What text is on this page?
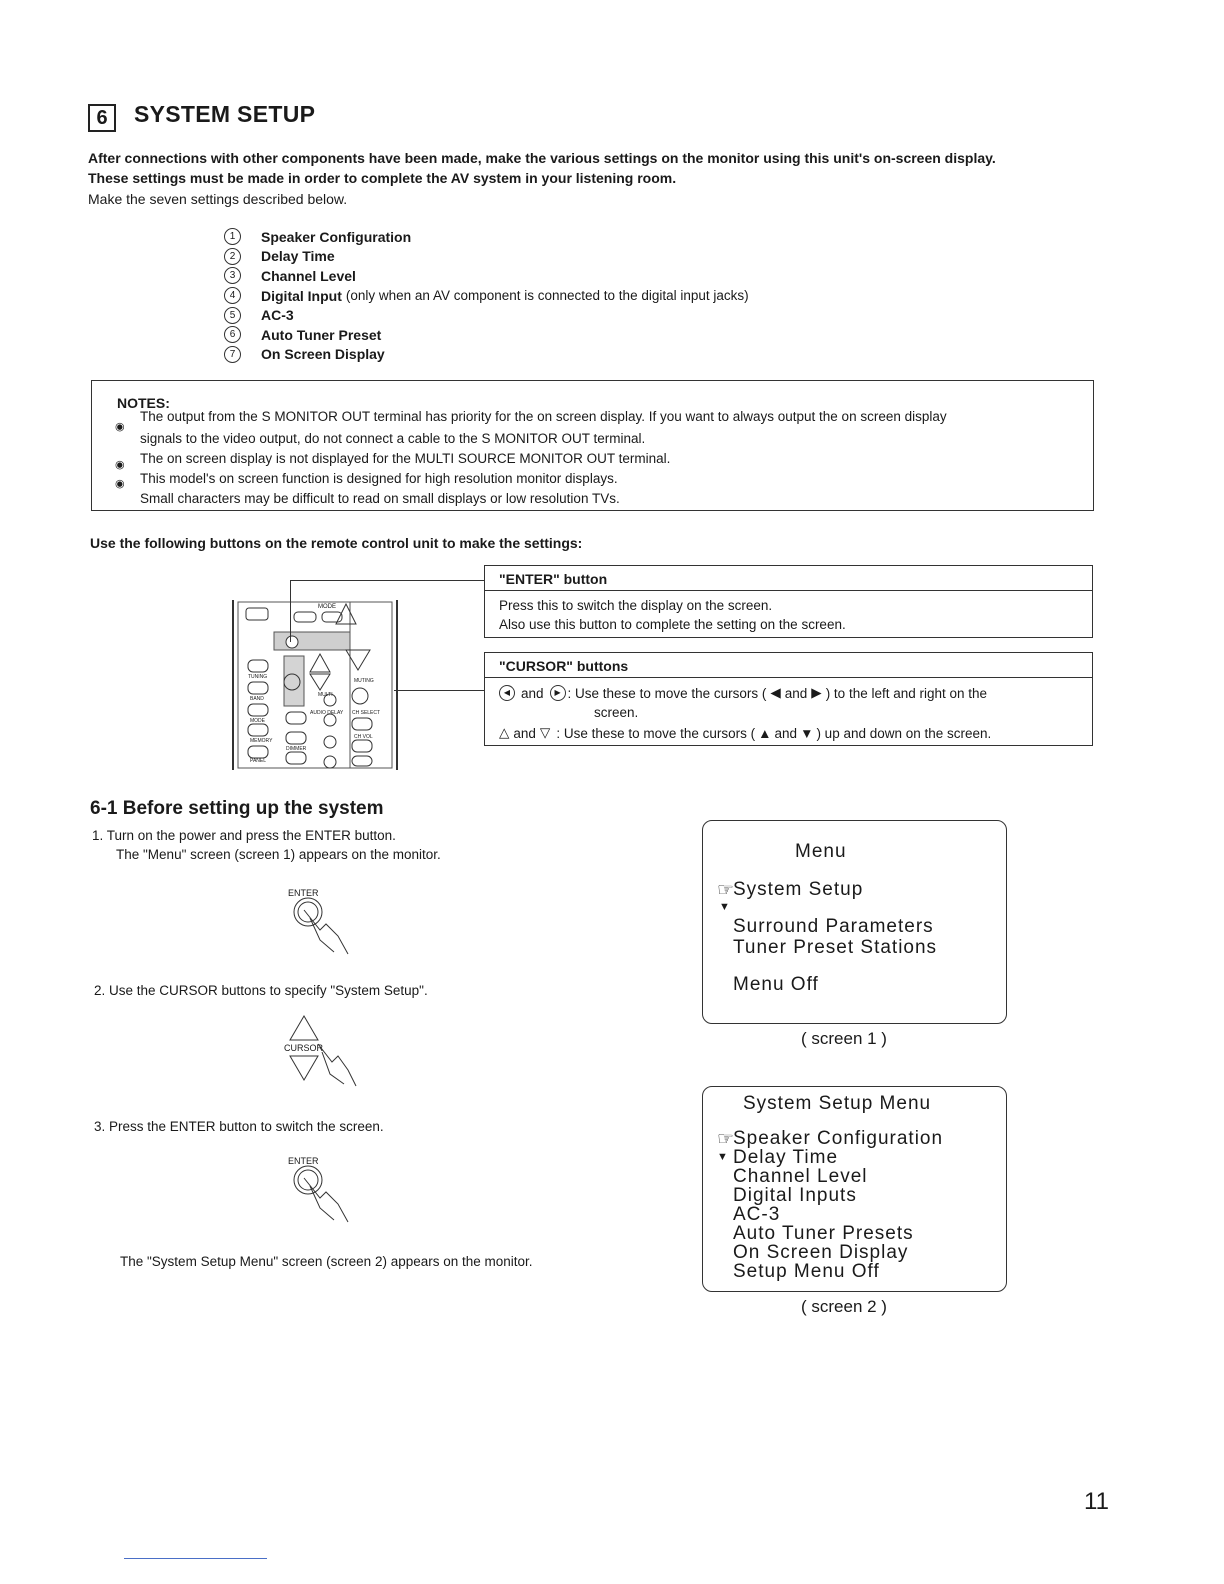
6	SYSTEM SETUP
After connections with other components have been made, make the various settings on the monitor using this unit's on-screen display.
These settings must be made in order to complete the AV system in your listening room.
Make the seven settings described below.
1	Speaker Configuration
2	Delay Time
3	Channel Level
4	Digital Input (only when an AV component is connected to the digital input jacks)
5	AC-3
6	Auto Tuner Preset
7	On Screen Display
NOTES:
◉
The output from the S MONITOR OUT terminal has priority for the on screen display. If you want to always output the on screen display
signals to the video output, do not connect a cable to the S MONITOR OUT terminal.
◉ The on screen display is not displayed for the MULTI SOURCE MONITOR OUT terminal.
◉ This model's on screen function is designed for high resolution monitor displays.
Small characters may be difficult to read on small displays or low resolution TVs.
Use the following buttons on the remote control unit to make the settings:
MODE
TUNING
MUTING
BAND
MULTI
MODE
AUDIO DELAY CH SELECT
MEMORY
PANEL
DIMMER
CH VOL
"ENTER" button
Press this to switch the display on the screen.
Also use this button to complete the setting on the screen.
"CURSOR" buttons
◀ and	▶ : Use these to move the cursors ( ◀ and ▶ ) to the left and right on the
screen.
△ and ▽ : Use these to move the cursors ( ▲ and ▼ ) up and down on the screen.
6-1 Before setting up the system
1. Turn on the power and press the ENTER button.
The "Menu" screen (screen 1) appears on the monitor.
ENTER
2. Use the CURSOR buttons to specify "System Setup".
CURSOR
3. Press the ENTER button to switch the screen.
ENTER
The "System Setup Menu" screen (screen 2) appears on the monitor.
Menu
☞
System Setup
▼
Surround Parameters
Tuner Preset Stations
Menu Off
( screen 1 )
System Setup Menu
☞
Speaker Configuration
▼ Delay Time
Channel Level
Digital Inputs
AC-3
Auto Tuner Presets
On Screen Display
Setup Menu Off
( screen 2 )
11
